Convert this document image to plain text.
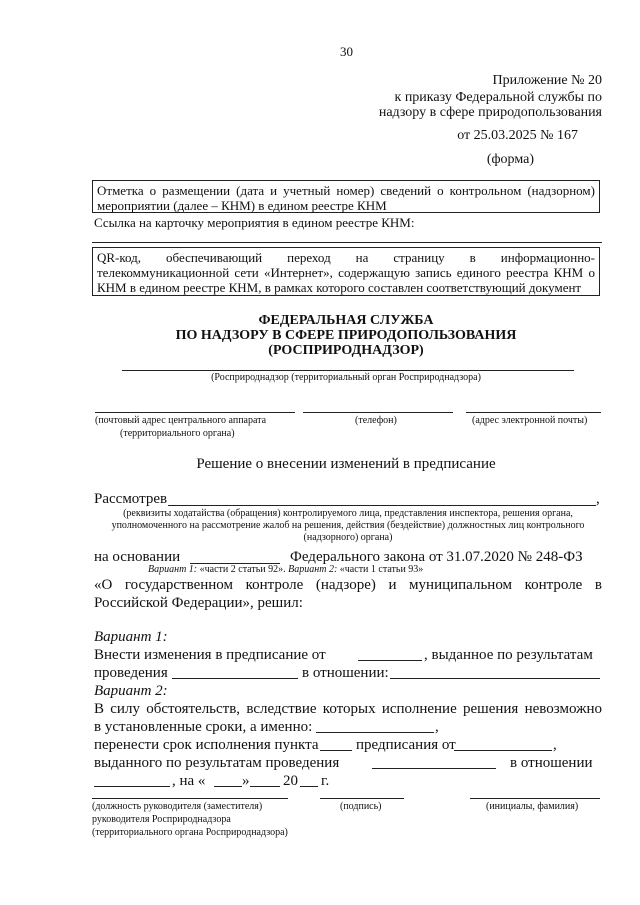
30
Приложение № 20
к приказу Федеральной службы по
надзору в сфере природопользования
от 25.03.2025 № 167
(форма)
Отметка о размещении (дата и учетный номер) сведений о контрольном (надзорном) мероприятии (далее – КНМ) в едином реестре КНМ
Ссылка на карточку мероприятия в едином реестре КНМ:
QR-код, обеспечивающий переход на страницу в информационно-телекоммуникационной сети «Интернет», содержащую запись единого реестра КНМ о КНМ в едином реестре КНМ, в рамках которого составлен соответствующий документ
ФЕДЕРАЛЬНАЯ СЛУЖБА
ПО НАДЗОРУ В СФЕРЕ ПРИРОДОПОЛЬЗОВАНИЯ
(РОСПРИРОДНАДЗОР)
(Росприроднадзор (территориальный орган Росприроднадзора)
(почтовый адрес центрального аппарата
(территориального органа)
(телефон)	(адрес электронной почты)
Решение о внесении изменений в предписание
Рассмотрев	,
(реквизиты ходатайства (обращения) контролируемого лица, представления инспектора, решения органа, уполномоченного на рассмотрение жалоб на решения, действия (бездействие) должностных лиц контрольного (надзорного) органа)
на основании	Федерального закона от 31.07.2020 № 248-ФЗ
Вариант 1: «части 2 статьи 92». Вариант 2: «части 1 статьи 93»
«О государственном контроле (надзоре) и муниципальном контроле в Российской Федерации», решил:
Вариант 1:
Внести изменения в предписание от	, выданное по результатам
проведения	в отношении:
Вариант 2:
В силу обстоятельств, вследствие которых исполнение решения невозможно
в установленные сроки, а именно:	,
перенести срок исполнения пункта предписания от	,
выданного по результатам проведения	в отношении
, на « » 20 г.
(должность руководителя (заместителя)
руководителя Росприроднадзора
(территориального органа Росприроднадзора)
(подпись)	(инициалы, фамилия)
